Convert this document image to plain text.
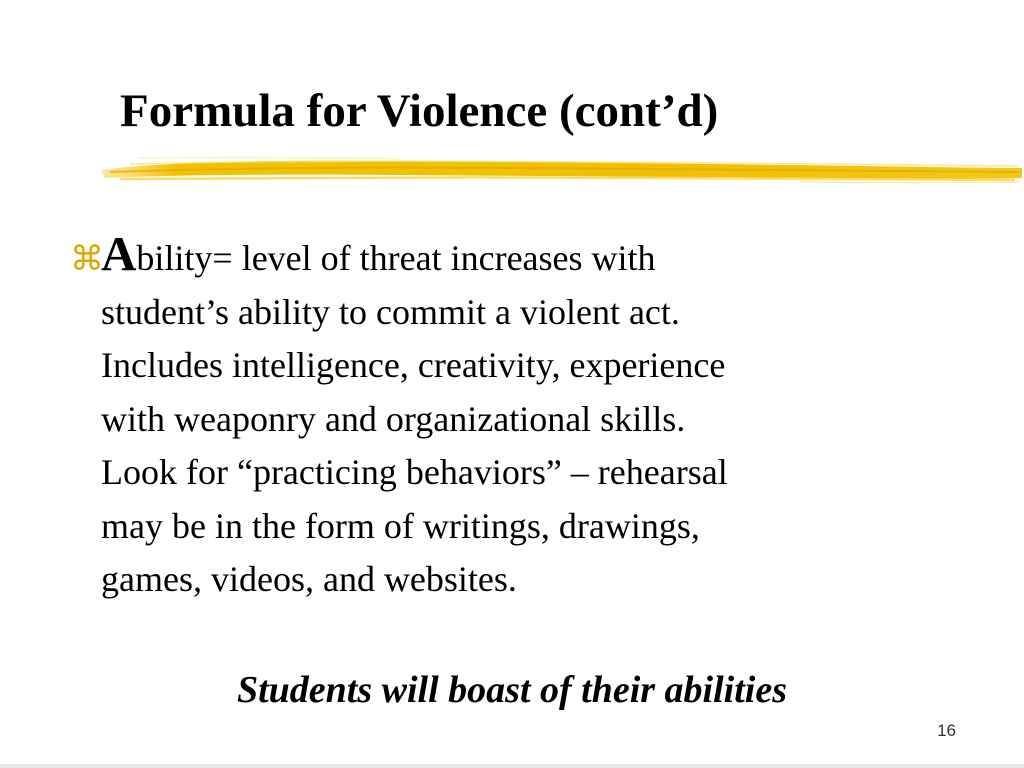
Formula for Violence (cont’d)
⌘

Ability= level of threat increases with
student’s ability to commit a violent act.
Includes intelligence, creativity, experience
with weaponry and organizational skills.
Look for “practicing behaviors” – rehearsal
may be in the form of writings, drawings,
games, videos, and websites.

Students will boast of their abilities

16
